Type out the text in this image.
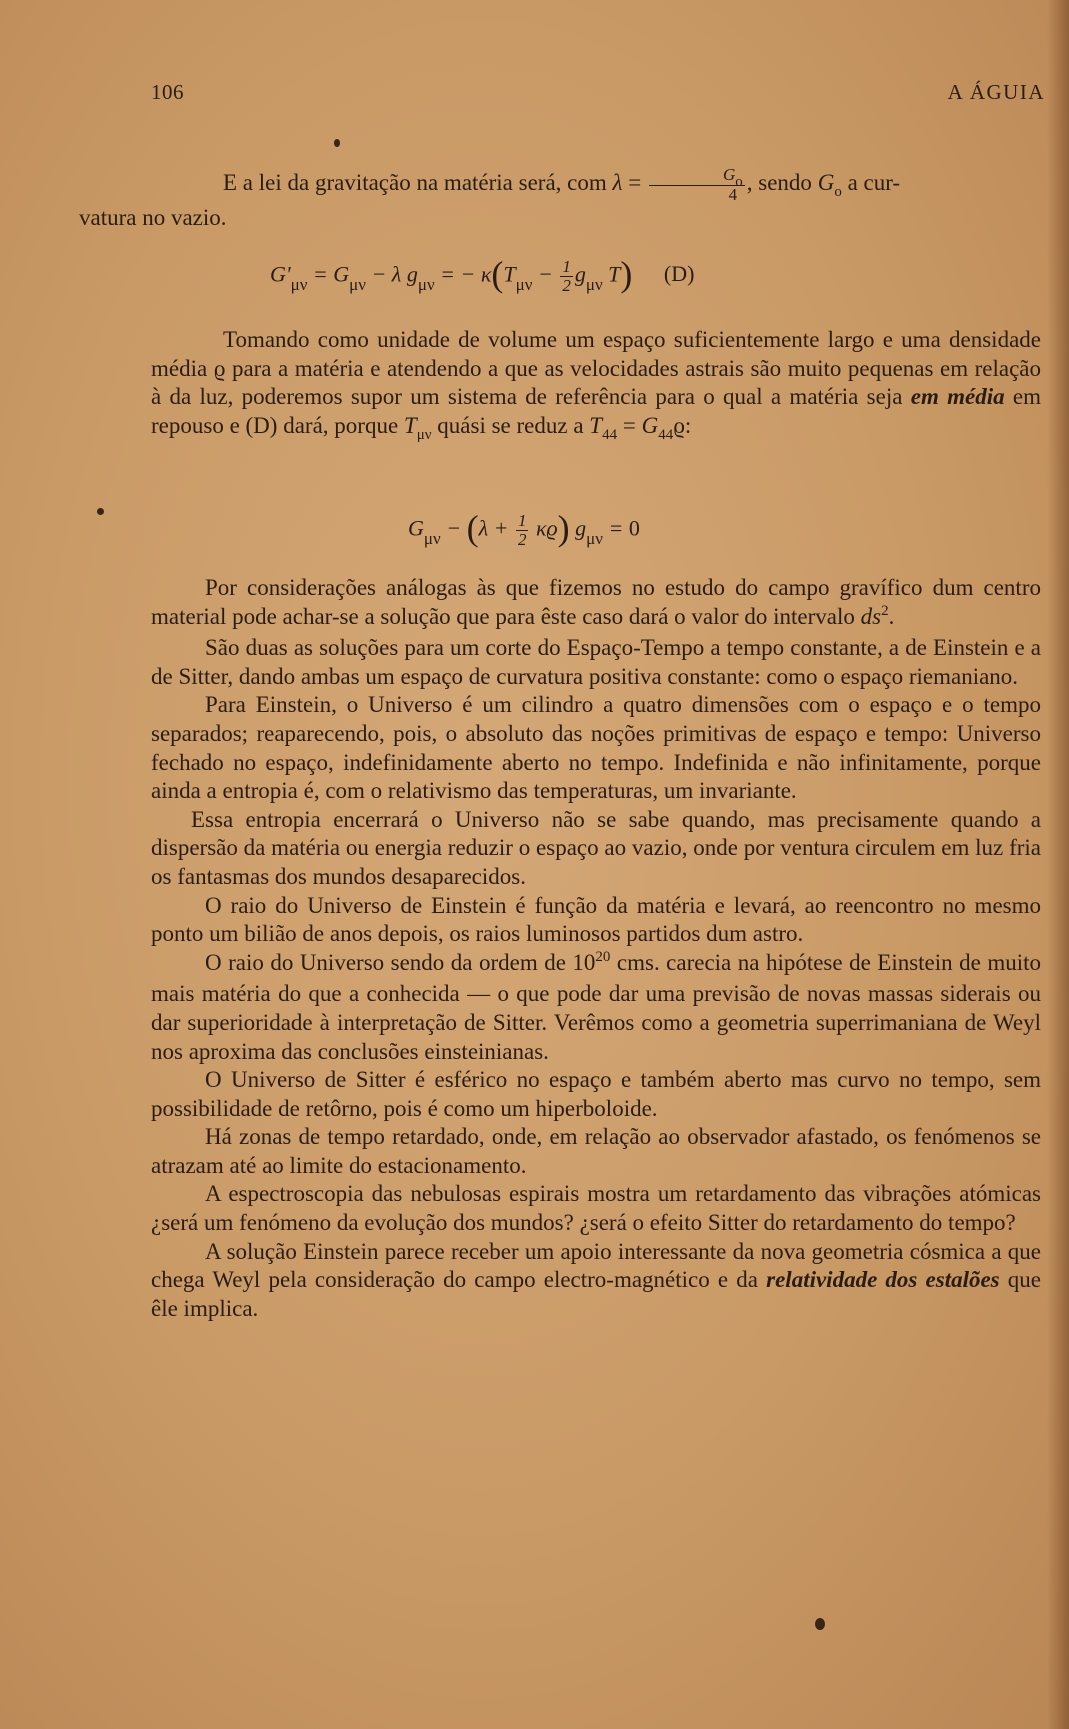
106	A ÁGUIA

E a lei da gravitação na matéria será, com $\lambda = \frac{Go}{4}$ , sendo $G_o$ a cur-
vatura no vazio.

$G'_{\mu\nu} = G_{\mu\nu} - \lambda$ $g_{\mu\nu}$ = − $\kappa(T_{\mu\nu} - \frac{1}{2} g_{\mu\nu}$ T) (D)

Tomando como unidade de volume um espaço suficientemente largo e uma densidade média ϱ para a matéria e atendendo a que as velocidades astrais são muito pequenas em relação à da luz, poderemos supor um sistema de referência para o qual a matéria seja em média em repouso e (D) dará, porque $T_{\mu\nu}$ quási se reduz a $T_{44} = G_{44}ϱ$:

$G_{\mu\nu} - (\lambda + \frac{1}{2} \kappa ϱ) g_{\mu\nu} = 0$

Por considerações análogas às que fizemos no estudo do campo gravífico dum centro material pode achar-se a solução que para êste caso dará o valor do intervalo $ds^2$.

São duas as soluções para um corte do Espaço-Tempo a tempo constante, a de Einstein e a de Sitter, dando ambas um espaço de curvatura positiva constante: como o espaço riemaniano.

Para Einstein, o Universo é um cilindro a quatro dimensões com o espaço e o tempo separados; reaparecendo, pois, o absoluto das noções primitivas de espaço e tempo: Universo fechado no espaço, indefinidamente aberto no tempo. Indefinida e não infinitamente, porque ainda a entropia é, com o relativismo das temperaturas, um invariante.

Essa entropia encerrará o Universo não se sabe quando, mas precisamente quando a dispersão da matéria ou energia reduzir o espaço ao vazio, onde por ventura circulem em luz fria os fantasmas dos mundos desaparecidos.

O raio do Universo de Einstein é função da matéria e levará, ao reencontro no mesmo ponto um bilião de anos depois, os raios luminosos partidos dum astro.

O raio do Universo sendo da ordem de $10^{20}$ cms. carecia na hipótese de Einstein de muito mais matéria do que a conhecida — o que pode dar uma previsão de novas massas siderais ou dar superioridade à interpretação de Sitter. Verêmos como a geometria superrimaniana de Weyl nos aproxima das conclusões einsteinianas.

O Universo de Sitter é esférico no espaço e também aberto mas curvo no tempo, sem possibilidade de retôrno, pois é como um hiperboloide.

Há zonas de tempo retardado, onde, em relação ao observador afastado, os fenómenos se atrazam até ao limite do estacionamento.

A espectroscopia das nebulosas espirais mostra um retardamento das vibrações atómicas ¿será um fenómeno da evolução dos mundos? ¿será o efeito Sitter do retardamento do tempo?

A solução Einstein parece receber um apoio interessante da nova geometria cósmica a que chega Weyl pela consideração do campo electro-magnético e da relatividade dos estalões que êle implica.
